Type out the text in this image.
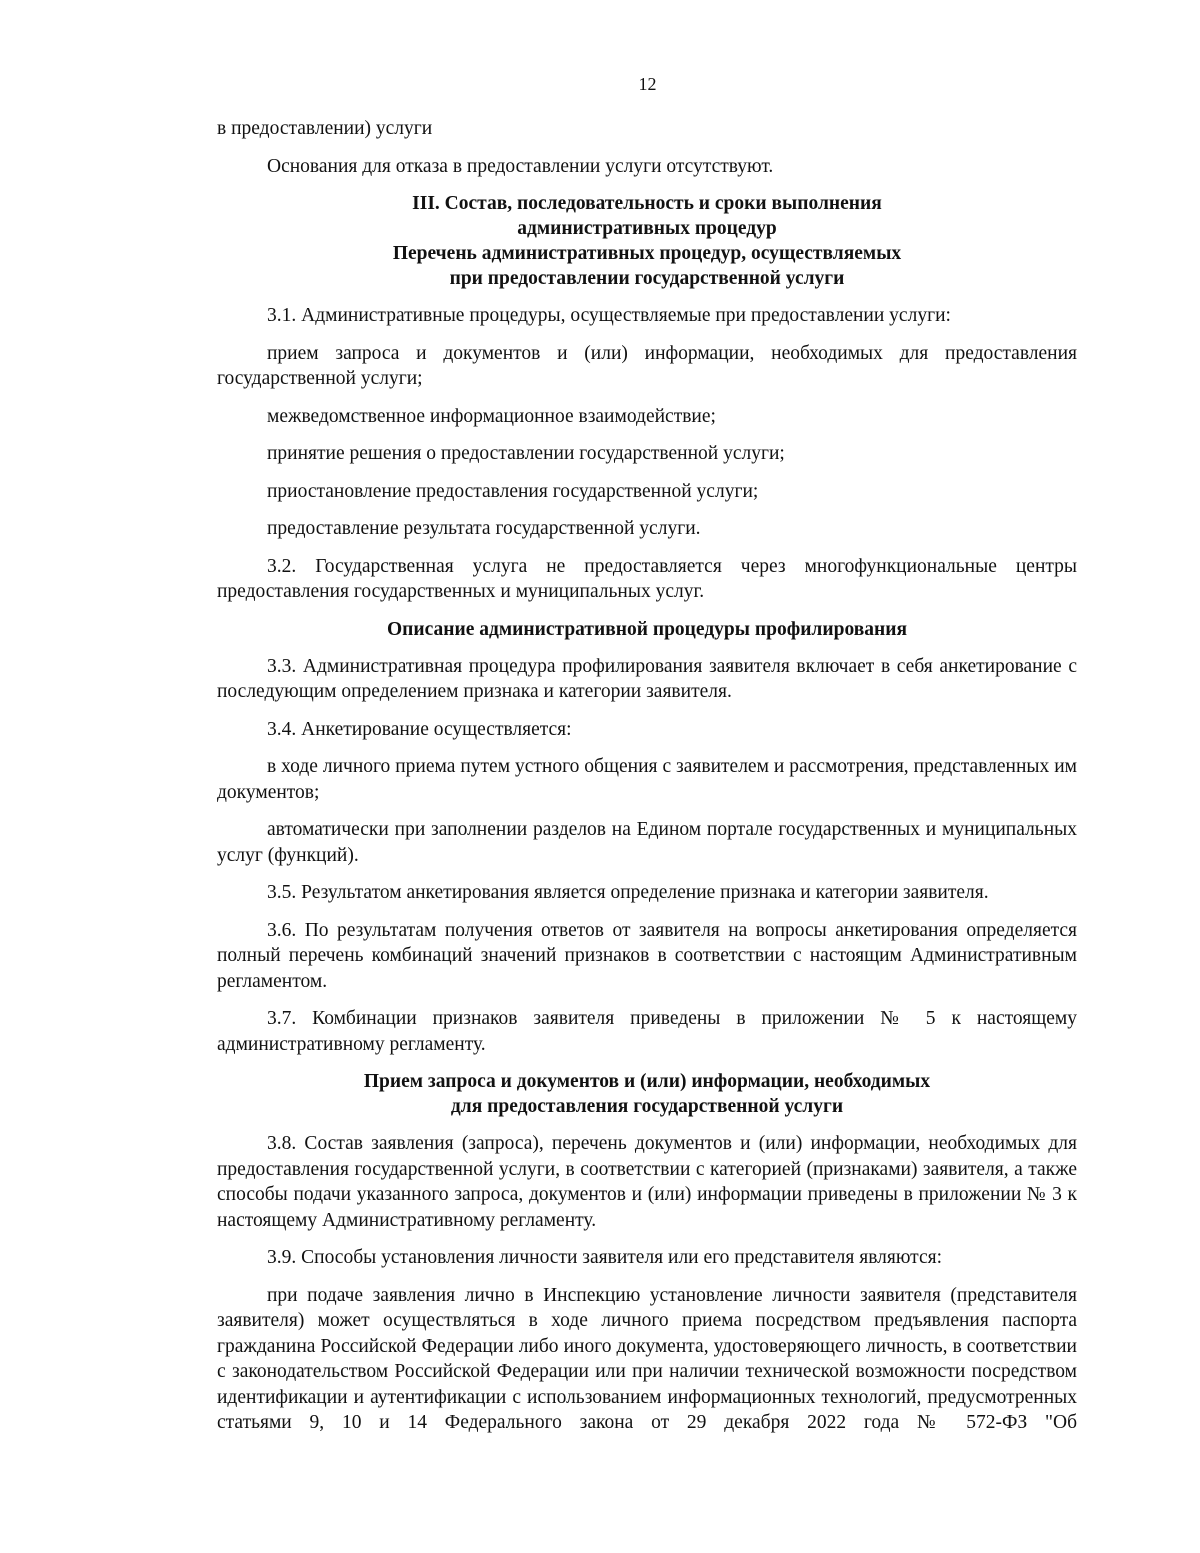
12

в предоставлении) услуги

Основания для отказа в предоставлении услуги отсутствуют.

III. Состав, последовательность и сроки выполнения
административных процедур
Перечень административных процедур, осуществляемых
при предоставлении государственной услуги

3.1. Административные процедуры, осуществляемые при предоставлении услуги:

прием запроса и документов и (или) информации, необходимых для предоставления государственной услуги;

межведомственное информационное взаимодействие;

принятие решения о предоставлении государственной услуги;

приостановление предоставления государственной услуги;

предоставление результата государственной услуги.

3.2. Государственная услуга не предоставляется через многофункциональные центры предоставления государственных и муниципальных услуг.

Описание административной процедуры профилирования

3.3. Административная процедура профилирования заявителя включает в себя анкетирование с последующим определением признака и категории заявителя.

3.4. Анкетирование осуществляется:

в ходе личного приема путем устного общения с заявителем и рассмотрения, представленных им документов;

автоматически при заполнении разделов на Едином портале государственных и муниципальных услуг (функций).

3.5. Результатом анкетирования является определение признака и категории заявителя.

3.6. По результатам получения ответов от заявителя на вопросы анкетирования определяется полный перечень комбинаций значений признаков в соответствии с настоящим Административным регламентом.

3.7. Комбинации признаков заявителя приведены в приложении № 5 к настоящему административному регламенту.

Прием запроса и документов и (или) информации, необходимых
для предоставления государственной услуги

3.8. Состав заявления (запроса), перечень документов и (или) информации, необходимых для предоставления государственной услуги, в соответствии с категорией (признаками) заявителя, а также способы подачи указанного запроса, документов и (или) информации приведены в приложении № 3 к настоящему Административному регламенту.

3.9. Способы установления личности заявителя или его представителя являются:

при подаче заявления лично в Инспекцию установление личности заявителя (представителя заявителя) может осуществляться в ходе личного приема посредством предъявления паспорта гражданина Российской Федерации либо иного документа, удостоверяющего личность, в соответствии с законодательством Российской Федерации или при наличии технической возможности посредством идентификации и аутентификации с использованием информационных технологий, предусмотренных статьями 9, 10 и 14 Федерального закона от 29 декабря 2022 года № 572-ФЗ "Об
